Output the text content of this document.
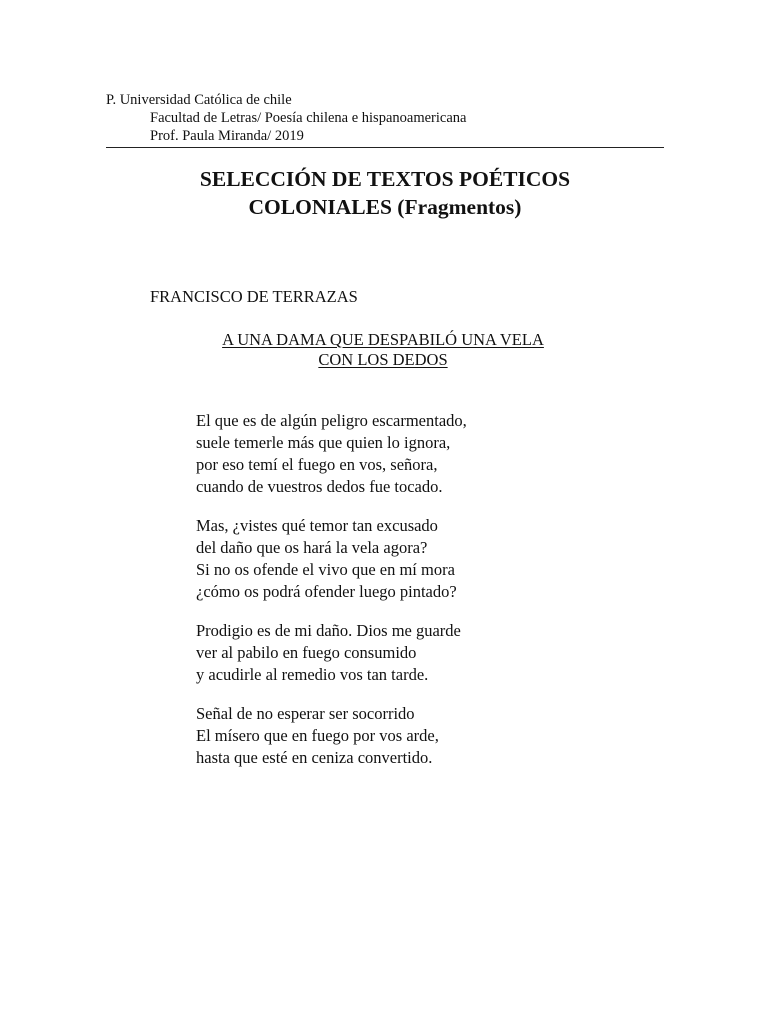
P. Universidad Católica de chile
Facultad de Letras/ Poesía chilena e hispanoamericana
Prof. Paula Miranda/ 2019
SELECCIÓN DE TEXTOS POÉTICOS
COLONIALES (Fragmentos)
FRANCISCO DE TERRAZAS
A UNA DAMA QUE DESPABILÓ UNA VELA
CON LOS DEDOS
El que es de algún peligro escarmentado,
suele temerle más que quien lo ignora,
por eso temí el fuego en vos, señora,
cuando de vuestros dedos fue tocado.
Mas, ¿vistes qué temor tan excusado
del daño que os hará la vela agora?
Si no os ofende el vivo que en mí mora
¿cómo os podrá ofender luego pintado?
Prodigio es de mi daño. Dios me guarde
ver al pabilo en fuego consumido
y acudirle al remedio vos tan tarde.
Señal de no esperar ser socorrido
El mísero que en fuego por vos arde,
hasta que esté en ceniza convertido.
